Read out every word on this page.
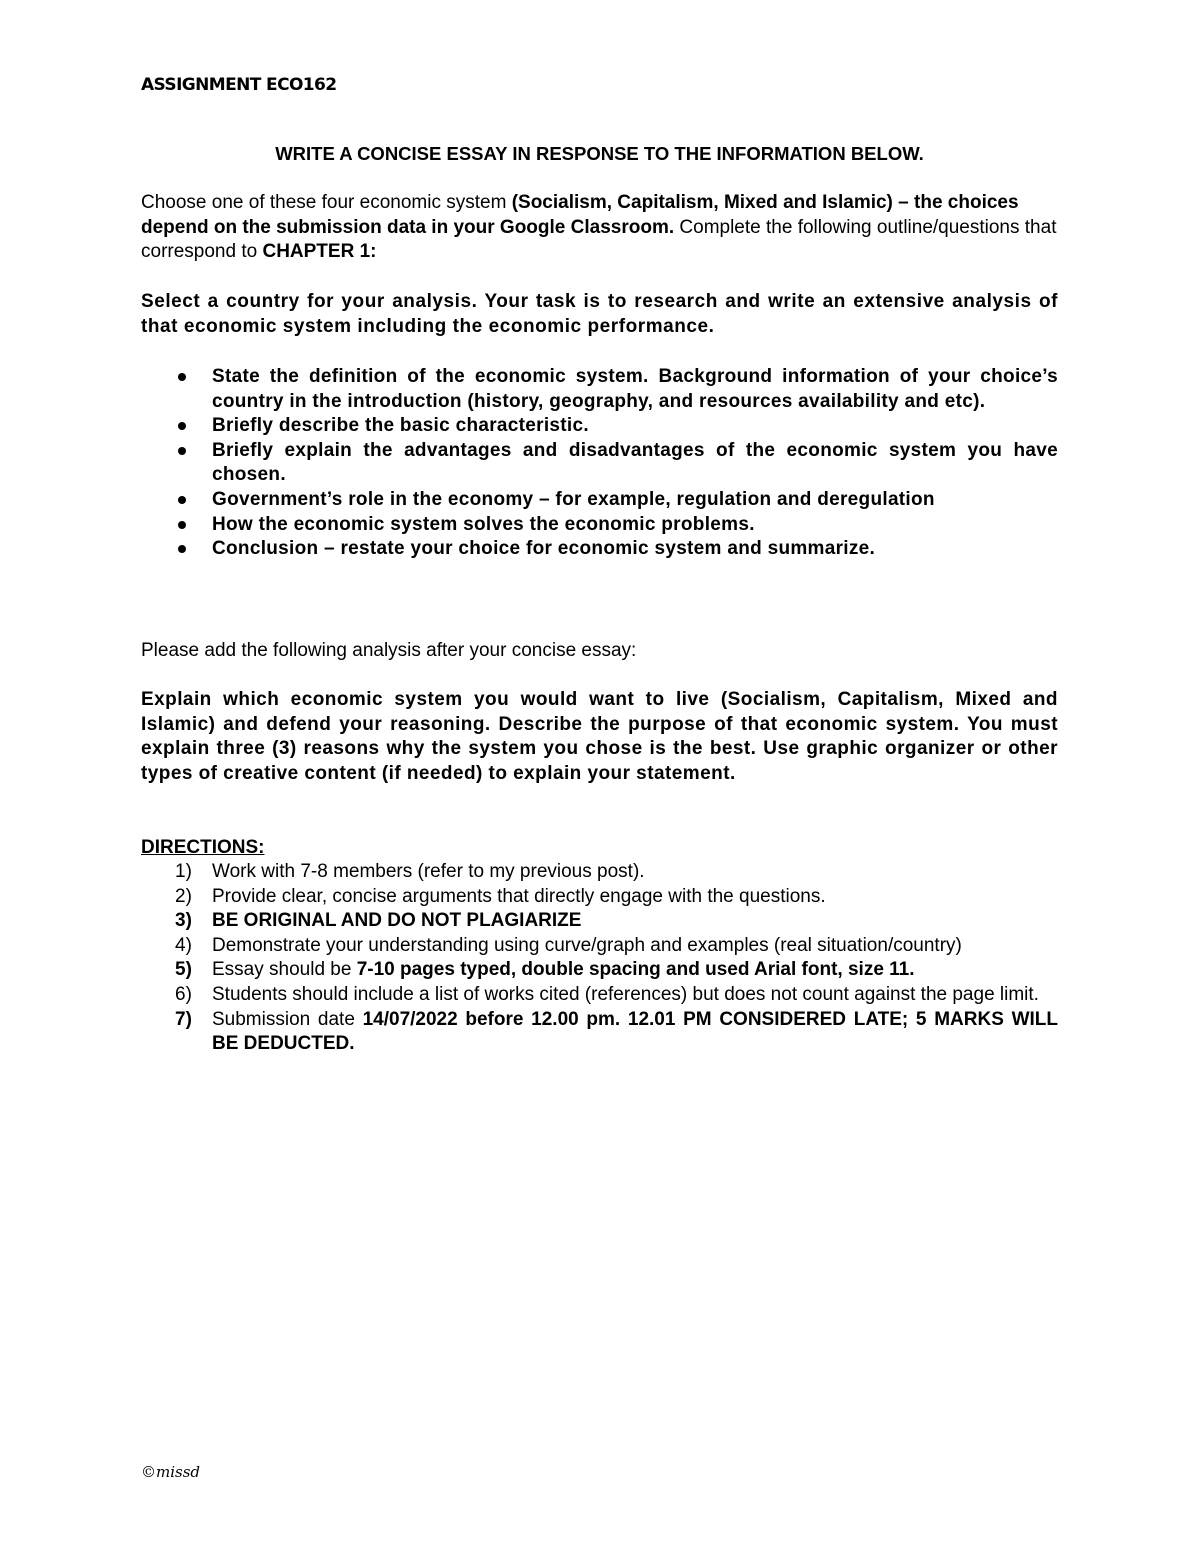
ASSIGNMENT ECO162
WRITE A CONCISE ESSAY IN RESPONSE TO THE INFORMATION BELOW.
Choose one of these four economic system (Socialism, Capitalism, Mixed and Islamic) – the choices depend on the submission data in your Google Classroom. Complete the following outline/questions that correspond to CHAPTER 1:
Select a country for your analysis. Your task is to research and write an extensive analysis of that economic system including the economic performance.
State the definition of the economic system. Background information of your choice’s country in the introduction (history, geography, and resources availability and etc).
Briefly describe the basic characteristic.
Briefly explain the advantages and disadvantages of the economic system you have chosen.
Government’s role in the economy – for example, regulation and deregulation
How the economic system solves the economic problems.
Conclusion – restate your choice for economic system and summarize.
Please add the following analysis after your concise essay:
Explain which economic system you would want to live (Socialism, Capitalism, Mixed and Islamic) and defend your reasoning. Describe the purpose of that economic system. You must explain three (3) reasons why the system you chose is the best. Use graphic organizer or other types of creative content (if needed) to explain your statement.
DIRECTIONS:
1) Work with 7-8 members (refer to my previous post).
2) Provide clear, concise arguments that directly engage with the questions.
3) BE ORIGINAL AND DO NOT PLAGIARIZE
4) Demonstrate your understanding using curve/graph and examples (real situation/country)
5) Essay should be 7-10 pages typed, double spacing and used Arial font, size 11.
6) Students should include a list of works cited (references) but does not count against the page limit.
7) Submission date 14/07/2022 before 12.00 pm. 12.01 PM CONSIDERED LATE; 5 MARKS WILL BE DEDUCTED.
©missd
